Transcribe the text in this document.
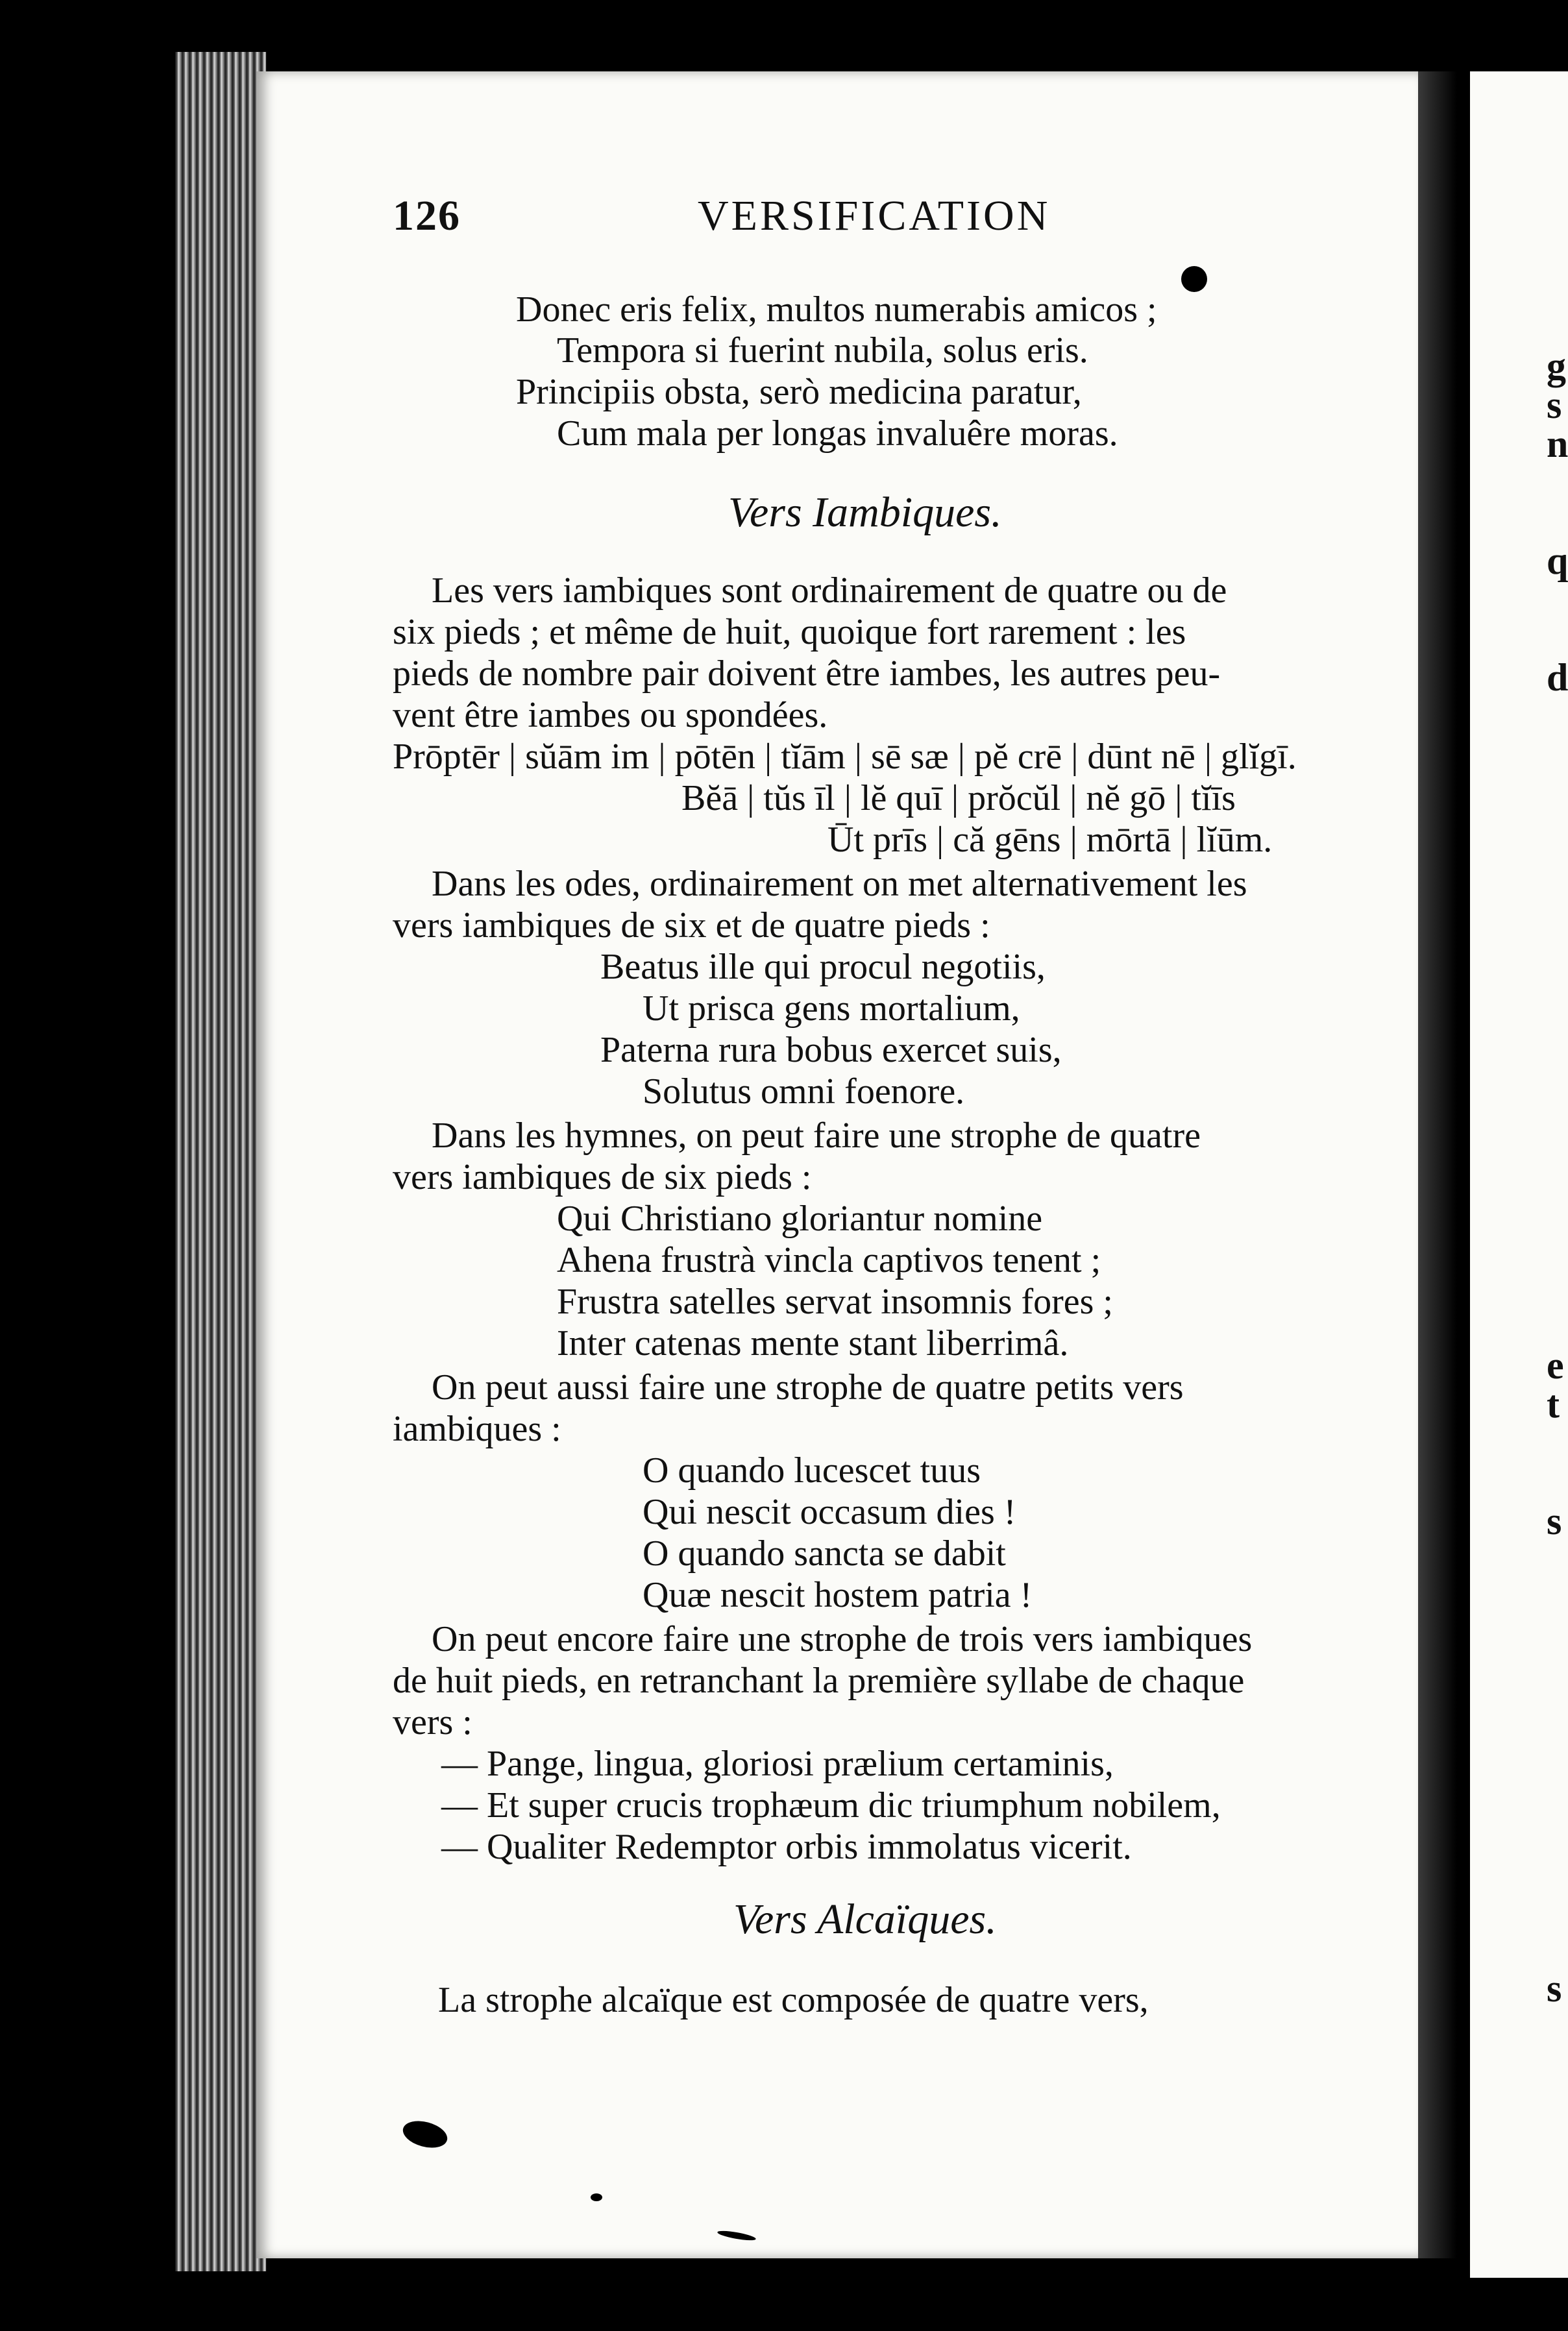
g
s
n
q
d
e
t
s
s
126	VERSIFICATION
Donec eris felix, multos numerabis amicos ;
Tempora si fuerint nubila, solus eris.
Principiis obsta, serò medicina paratur,
Cum mala per longas invaluêre moras.
Vers Iambiques.
Les vers iambiques sont ordinairement de quatre ou de
six pieds ; et même de huit, quoique fort rarement : les
pieds de nombre pair doivent être iambes, les autres peu-
vent être iambes ou spondées.
Prōptēr | sŭām im | pōtēn | tĭām | sē sæ | pĕ crē | dūnt nē | glĭgī.
Bĕā | tŭs īl | lĕ quī | prŏcŭl | nĕ gō | tĭīs
Ūt prīs | că gēns | mōrtā | lĭūm.
Dans les odes, ordinairement on met alternativement les
vers iambiques de six et de quatre pieds :
Beatus ille qui procul negotiis,
Ut prisca gens mortalium,
Paterna rura bobus exercet suis,
Solutus omni foenore.
Dans les hymnes, on peut faire une strophe de quatre
vers iambiques de six pieds :
Qui Christiano gloriantur nomine
Ahena frustrà vincla captivos tenent ;
Frustra satelles servat insomnis fores ;
Inter catenas mente stant liberrimâ.
On peut aussi faire une strophe de quatre petits vers
iambiques :
O quando lucescet tuus
Qui nescit occasum dies !
O quando sancta se dabit
Quæ nescit hostem patria !
On peut encore faire une strophe de trois vers iambiques
de huit pieds, en retranchant la première syllabe de chaque
vers :
— Pange, lingua, gloriosi prælium certaminis,
— Et super crucis trophæum dic triumphum nobilem,
— Qualiter Redemptor orbis immolatus vicerit.
Vers Alcaïques.
La strophe alcaïque est composée de quatre vers,
